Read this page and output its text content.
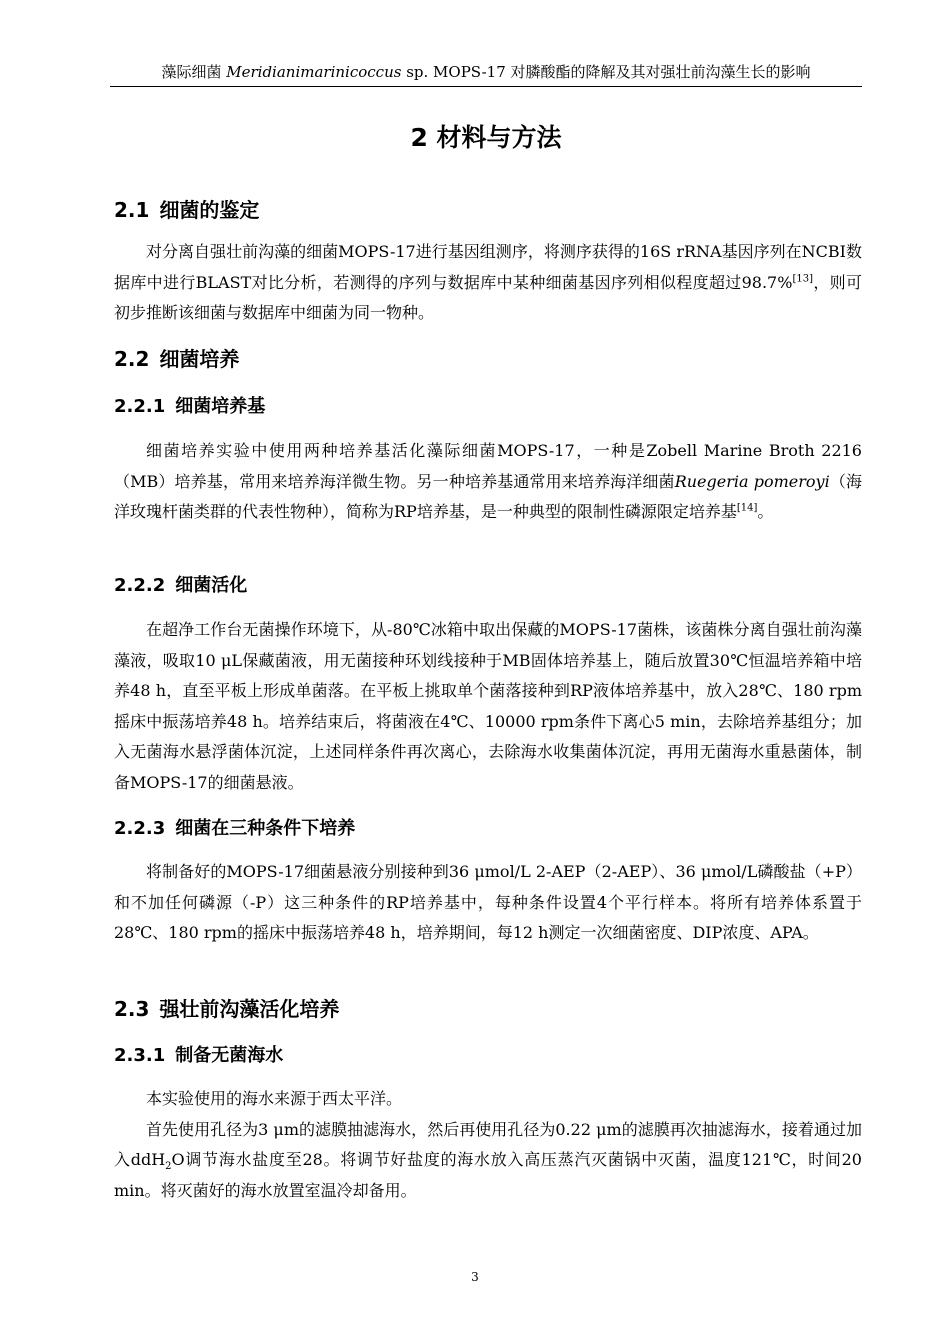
藻际细菌 Meridianimarinicoccus sp. MOPS-17 对膦酸酯的降解及其对强壮前沟藻生长的影响
2 材料与方法
2.1 细菌的鉴定

对分离自强壮前沟藻的细菌MOPS-17进行基因组测序，将测序获得的16S rRNA基因序列在NCBI数据库中进行BLAST对比分析，若测得的序列与数据库中某种细菌基因序列相似程度超过98.7%[13]，则可初步推断该细菌与数据库中细菌为同一物种。

2.2 细菌培养
2.2.1 细菌培养基

细菌培养实验中使用两种培养基活化藻际细菌MOPS-17，一种是Zobell Marine Broth 2216（MB）培养基，常用来培养海洋微生物。另一种培养基通常用来培养海洋细菌Ruegeria pomeroyi（海洋玫瑰杆菌类群的代表性物种），简称为RP培养基，是一种典型的限制性磷源限定培养基[14]。

2.2.2 细菌活化

在超净工作台无菌操作环境下，从-80℃冰箱中取出保藏的MOPS-17菌株，该菌株分离自强壮前沟藻藻液，吸取10 μL保藏菌液，用无菌接种环划线接种于MB固体培养基上，随后放置30℃恒温培养箱中培养48 h，直至平板上形成单菌落。在平板上挑取单个菌落接种到RP液体培养基中，放入28℃、180 rpm摇床中振荡培养48 h。培养结束后，将菌液在4℃、10000 rpm条件下离心5 min，去除培养基组分；加入无菌海水悬浮菌体沉淀，上述同样条件再次离心，去除海水收集菌体沉淀，再用无菌海水重悬菌体，制备MOPS-17的细菌悬液。

2.2.3 细菌在三种条件下培养

将制备好的MOPS-17细菌悬液分别接种到36 μmol/L 2-AEP（2-AEP）、36 μmol/L磷酸盐（+P）和不加任何磷源（-P）这三种条件的RP培养基中，每种条件设置4个平行样本。将所有培养体系置于28℃、180 rpm的摇床中振荡培养48 h，培养期间，每12 h测定一次细菌密度、DIP浓度、APA。

2.3 强壮前沟藻活化培养
2.3.1 制备无菌海水

本实验使用的海水来源于西太平洋。

首先使用孔径为3 μm的滤膜抽滤海水，然后再使用孔径为0.22 μm的滤膜再次抽滤海水，接着通过加入ddH$_2$O调节海水盐度至28。将调节好盐度的海水放入高压蒸汽灭菌锅中灭菌，温度121℃，时间20 min。将灭菌好的海水放置室温冷却备用。

3
